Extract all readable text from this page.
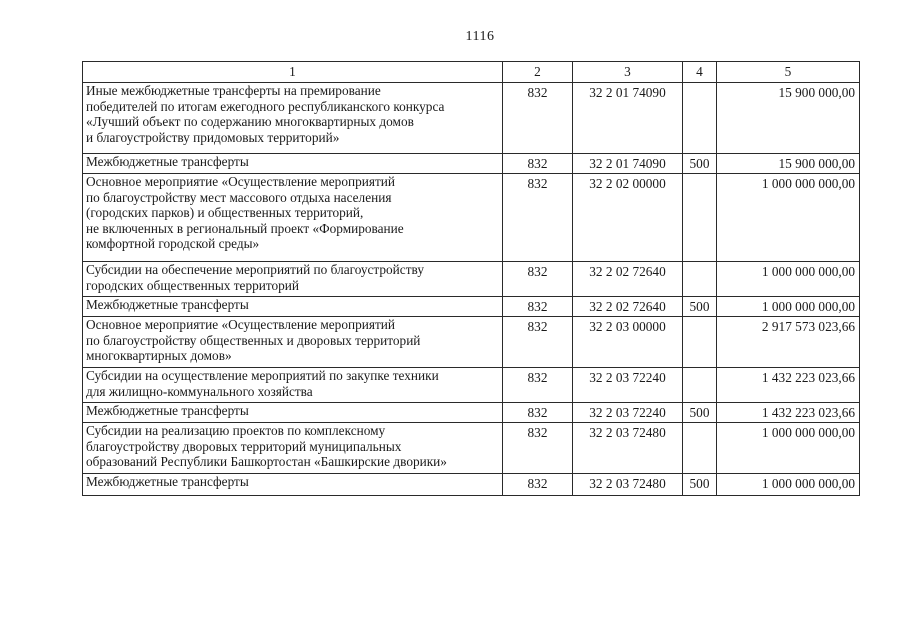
1116
1	2	3	4	5
Иные межбюджетные трансферты на премирование
победителей по итогам ежегодного республиканского конкурса
«Лучший объект по содержанию многоквартирных домов
и благоустройству придомовых территорий»	832	32 2 01 74090		15 900 000,00
Межбюджетные трансферты	832	32 2 01 74090	500	15 900 000,00
Основное мероприятие «Осуществление мероприятий
по благоустройству мест массового отдыха населения
(городских парков) и общественных территорий,
не включенных в региональный проект «Формирование
комфортной городской среды»	832	32 2 02 00000		1 000 000 000,00
Субсидии на обеспечение мероприятий по благоустройству
городских общественных территорий	832	32 2 02 72640		1 000 000 000,00
Межбюджетные трансферты	832	32 2 02 72640	500	1 000 000 000,00
Основное мероприятие «Осуществление мероприятий
по благоустройству общественных и дворовых территорий
многоквартирных домов»	832	32 2 03 00000		2 917 573 023,66
Субсидии на осуществление мероприятий по закупке техники
для жилищно-коммунального хозяйства	832	32 2 03 72240		1 432 223 023,66
Межбюджетные трансферты	832	32 2 03 72240	500	1 432 223 023,66
Субсидии на реализацию проектов по комплексному
благоустройству дворовых территорий муниципальных
образований Республики Башкортостан «Башкирские дворики»	832	32 2 03 72480		1 000 000 000,00
Межбюджетные трансферты	832	32 2 03 72480	500	1 000 000 000,00
